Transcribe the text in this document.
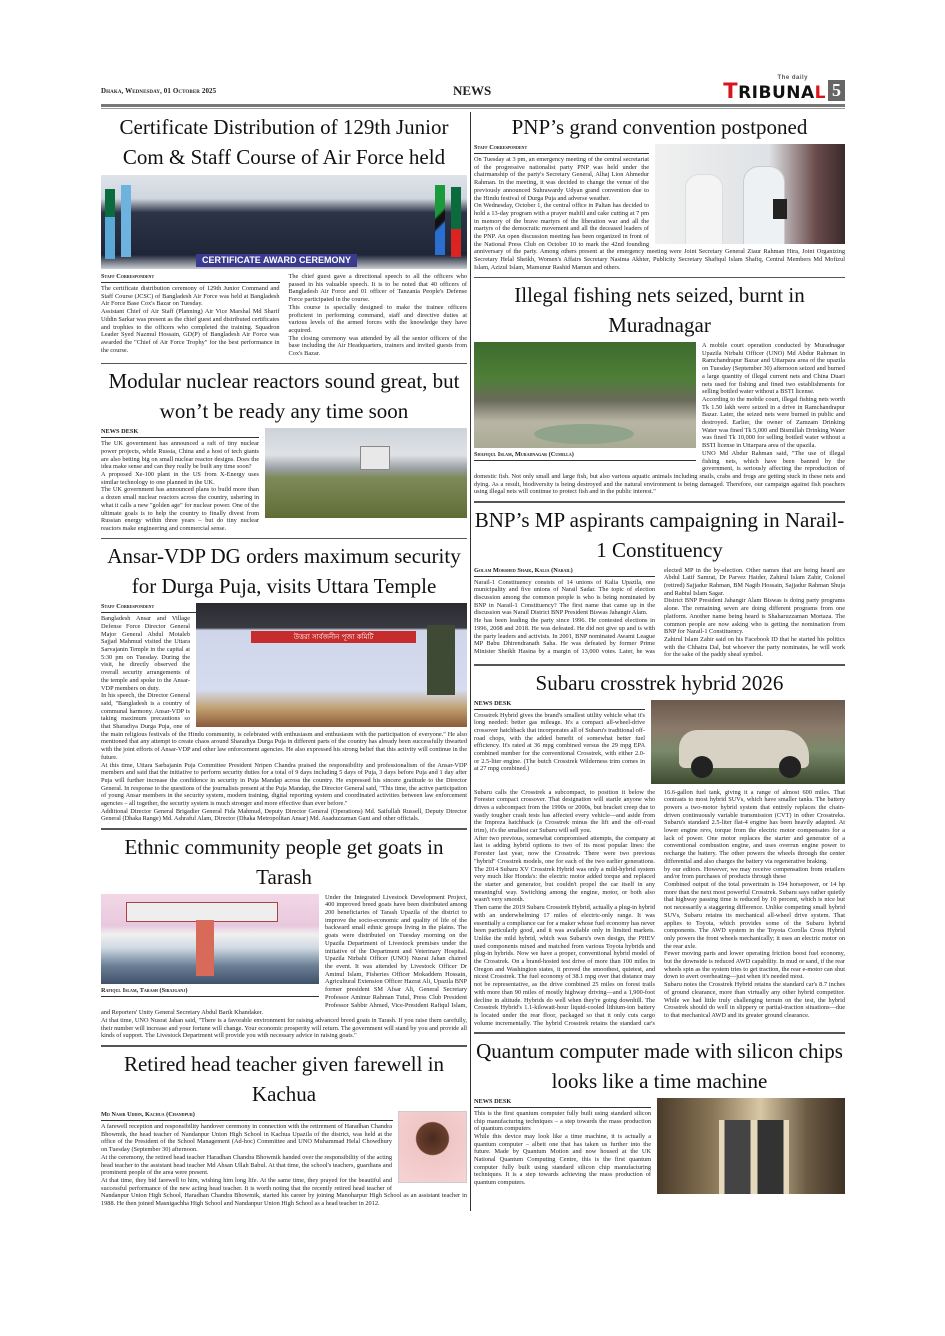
Dhaka, Wednesday, 01 October 2025	NEWS
The daily
TRIBUNAL 5
Certificate Distribution of 129th Junior Com & Staff Course of Air Force held
CERTIFICATE AWARD CEREMONY
Staff Correspondent

The certificate distribution ceremony of 129th Junior Command and Staff Course (JCSC) of Bangladesh Air Force was held at Bangladesh Air Force Base Cox's Bazar on Tuesday.

Assistant Chief of Air Staff (Planning) Air Vice Marshal Md Sharif Uddin Sarkar was present as the chief guest and distributed certificates and trophies to the officers who completed the training. Squadron Leader Syed Nazmul Hossain, GD(P) of Bangladesh Air Force was awarded the "Chief of Air Force Trophy" for the best performance in the course.

The chief guest gave a directional speech to all the officers who passed in his valuable speech. It is to be noted that 40 officers of Bangladesh Air Force and 01 officer of Tanzania People's Defense Force participated in the course.

This course is specially designed to make the trainee officers proficient in performing command, staff and directive duties at various levels of the armed forces with the knowledge they have acquired.

The closing ceremony was attended by all the senior officers of the base including the Air Headquarters, trainers and invited guests from Cox's Bazar.

Modular nuclear reactors sound great, but won’t be ready any time soon
NEWS DESK

The UK government has announced a raft of tiny nuclear power projects, while Russia, China and a host of tech giants are also betting big on small nuclear reactor designs. Does the idea make sense and can they really be built any time soon?

A proposed Xe-100 plant in the US from X-Energy uses similar technology to one planned in the UK.

The UK government has announced plans to build more than a dozen small nuclear reactors across the country, ushering in what it calls a new "golden age" for nuclear power. One of the ultimate goals is to help the country to finally divest from Russian energy within three years – but do tiny nuclear reactors make engineering and commercial sense.

Ansar-VDP DG orders maximum security for Durga Puja, visits Uttara Temple
উত্তরা সার্বজনীন পূজা কমিটি
Staff Correspondent

Bangladesh Ansar and Village Defense Force Director General Major General Abdul Motaleb Sajjad Mahmud visited the Uttara Sarvajanin Temple in the capital at 5:30 pm on Tuesday. During the visit, he directly observed the overall security arrangements of the temple and spoke to the Ansar-VDP members on duty.

In his speech, the Director General said, "Bangladesh is a country of communal harmony. Ansar-VDP is taking maximum precautions so that Sharadiya Durga Puja, one of the main religious festivals of the Hindu community, is celebrated with enthusiasm and enthusiasm with the participation of everyone." He also mentioned that any attempt to create chaos around Sharadiya Durga Puja in different parts of the country has already been successfully thwarted with the joint efforts of Ansar-VDP and other law enforcement agencies. He also expressed his strong belief that this activity will continue in the future.

At this time, Uttara Sarbajanin Puja Committee President Nripen Chandra praised the responsibility and professionalism of the Ansar-VDP members and said that the initiative to perform security duties for a total of 9 days including 5 days of Puja, 3 days before Puja and 1 day after Puja will further increase the confidence in security in Puja Mandap across the country. He expressed his sincere gratitude to the Director General. In response to the questions of the journalists present at the Puja Mandap, the Director General said, "This time, the active participation of young Ansar members in the security system, modern training, digital reporting system and coordinated activities between law enforcement agencies – all together, the security system is much stronger and more effective than ever before."

Additional Director General Brigadier General Fida Mahmud, Deputy Director General (Operations) Md. Saifullah Russell, Deputy Director General (Dhaka Range) Md. Ashraful Alam, Director (Dhaka Metropolitan Ansar) Md. Asaduzzaman Gani and other officials.

Ethnic community people get goats in Tarash
Rafiqul Islam, Tarash (Sirajganj)

Under the Integrated Livestock Development Project, 400 improved breed goats have been distributed among 200 beneficiaries of Tarash Upazila of the district to improve the socio-economic and quality of life of the backward small ethnic groups living in the plains. The goats were distributed on Tuesday morning on the Upazila Department of Livestock premises under the initiative of the Department and Veterinary Hospital. Upazila Nirbahi Officer (UNO) Nusrat Jahan chaired the event. It was attended by Livestock Officer Dr Aminul Islam, Fisheries Officer Mokaddem Hossain, Agricultural Extension Officer Hazrat Ali, Upazila BNP former president SM Afsar Ali, General Secretary Professor Aminur Rahman Tutul, Press Club President Professor Sabbir Ahmed, Vice-President Rafiqul Islam, and Reporters' Unity General Secretary Abdul Barik Khandaker.

At that time, UNO Nusrat Jahan said, "There is a favorable environment for raising advanced breed goats in Tarash. If you raise them carefully, their number will increase and your fortune will change. Your economic prosperity will return. The government will stand by you and provide all kinds of support. The Livestock Department will provide you with necessary advice in raising goats."

Retired head teacher given farewell in Kachua
Md Nasir Uddin, Kachua (Chandpur)

A farewell reception and responsibility handover ceremony in connection with the retirement of Haradhan Chandra Bhowmik, the head teacher of Nandanpur Union High School in Kachua Upazila of the district, was held at the office of the President of the School Management (Ad-hoc) Committee and UNO Muhammad Helal Chowdhury on Tuesday (September 30) afternoon.

At the ceremony, the retired head teacher Haradhan Chandra Bhowmik handed over the responsibility of the acting head teacher to the assistant head teacher Md Ahsan Ullah Babul. At that time, the school's teachers, guardians and prominent people of the area were present.

At that time, they bid farewell to him, wishing him long life. At the same time, they prayed for the beautiful and successful performance of the new acting head teacher. It is worth noting that the recently retired head teacher of Nandanpur Union High School, Haradhan Chandra Bhowmik, started his career by joining Manoharpur High School as an assistant teacher in 1988. He then joined Masnigachha High School and Nandanpur Union High School as a head teacher in 2012.

PNP’s grand convention postponed
Staff Correspondent

On Tuesday at 3 pm, an emergency meeting of the central secretariat of the progressive nationalist party PNP was held under the chairmanship of the party's Secretary General, Alhaj Lion Ahmedur Rahman. In the meeting, it was decided to change the venue of the previously announced Suhrawardy Udyan grand convention due to the Hindu festival of Durga Puja and adverse weather.

On Wednesday, October 1, the central office in Paltan has decided to hold a 13-day program with a prayer mahfil and cake cutting at 7 pm in memory of the brave martyrs of the liberation war and all the martyrs of the democratic movement and all the deceased leaders of the PNP. An open discussion meeting has been organized in front of the National Press Club on October 10 to mark the 42nd founding anniversary of the party. Among others present at the emergency meeting were Joint Secretary General Ziaur Rahman Hira, Joint Organizing Secretary Helal Sheikh, Women's Affairs Secretary Nasima Akhter, Publicity Secretary Shafiqul Islam Shafiq, Central Members Md Mofizul Islam, Azizul Islam, Mamunur Rashid Mamun and others.

Illegal fishing nets seized, burnt in Muradnagar
Shafiqul Islam, Muradnagar (Cumilla)

A mobile court operation conducted by Muradnagar Upazila Nirbahi Officer (UNO) Md Abdur Rahman in Ramchandrapur Bazar and Uttarpara area of the upazila on Tuesday (September 30) afternoon seized and burned a large quantity of illegal current nets and China Duari nets used for fishing and fined two establishments for selling bottled water without a BSTI license.

According to the mobile court, illegal fishing nets worth Tk 1.50 lakh were seized in a drive in Ramchandrapur Bazar. Later, the seized nets were burned in public and destroyed. Earlier, the owner of Zamzam Drinking Water was fined Tk 5,000 and Bismillah Drinking Water was fined Tk 10,000 for selling bottled water without a BSTI license in Uttarpara area of the upazila.

UNO Md Abdur Rahman said, "The use of illegal fishing nets, which have been banned by the government, is seriously affecting the reproduction of domestic fish. Not only small and large fish, but also various aquatic animals including snails, crabs and frogs are getting stuck in these nets and dying. As a result, biodiversity is being destroyed and the natural environment is being damaged. Therefore, our campaign against fish poachers using illegal nets will continue to protect fish and in the public interest."

BNP’s MP aspirants campaigning in Narail-1 Constituency
Golam Morshed Shaik, Kalia (Narail)

Narail-1 Constituency consists of 14 unions of Kalia Upazila, one municipality and five unions of Narail Sadar. The topic of election discussion among the common people is who is being nominated by BNP in Narail-1 Constituency? The first name that came up in the discussion was Narail District BNP President Biswas Jahangir Alam.

He has been leading the party since 1996. He contested elections in 1996, 2008 and 2018. He was defeated. He did not give up and is with the party leaders and activists. In 2001, BNP nominated Awami League MP Babu Dhirendranath Saha. He was defeated by former Prime Minister Sheikh Hasina by a margin of 13,000 votes. Later, he was elected MP in the by-election. Other names that are being heard are Abdul Latif Samrat, Dr Parvez Haider, Zahirul Islam Zahir, Colonel (retired) Sajjadur Rahman, BM Nagib Hossain, Sajjadur Rahman Shuja and Rabiul Islam Sagar.

District BNP President Jahangir Alam Biswas is doing party programs alone. The remaining seven are doing different programs from one platform. Another name being heard is Shaharuzzaman Mortaza. The common people are now asking who is getting the nomination from BNP for Narail-1 Constituency.

Zahirul Islam Zahir said on his Facebook ID that he started his politics with the Chhatra Dal, but whoever the party nominates, he will work for the sake of the paddy sheaf symbol.

Subaru crosstrek hybrid 2026
NEWS DESK

Crosstrek Hybrid gives the brand's smallest utility vehicle what it's long needed: better gas mileage. It's a compact all-wheel-drive crossover hatchback that incorporates all of Subaru's traditional off-road chops, with the added benefit of somewhat better fuel efficiency. It's rated at 36 mpg combined versus the 29 mpg EPA combined number for the conventional Crosstrek, with either 2.0- or 2.5-liter engine. (The butch Crosstrek Wilderness trim comes in at 27 mpg combined.)

Subaru calls the Crosstrek a subcompact, to position it below the Forester compact crossover. That designation will startle anyone who drives a subcompact from the 1990s or 2000s, but bracket creep due to vastly tougher crash tests has affected every vehicle—and aside from the Impreza hatchback (a Crosstrek minus the lift and the off-road trim), it's the smallest car Subaru will sell you.

After two previous, somewhat compromised attempts, the company at last is adding hybrid options to two of its most popular lines: the Forester last year, now the Crosstrek. There were two previous "hybrid" Crosstrek models, one for each of the two earlier generations. The 2014 Subaru XV Crosstrek Hybrid was only a mild-hybrid system very much like Honda's: the electric motor added torque and replaced the starter and generator, but couldn't propel the car itself in any meaningful way. Switching among the engine, motor, or both also wasn't very smooth.

Then came the 2019 Subaru Crosstrek Hybrid, actually a plug-in hybrid with an underwhelming 17 miles of electric-only range. It was essentially a compliance car for a maker whose fuel economy has never been particularly good, and it was available only in limited markets. Unlike the mild hybrid, which was Subaru's own design, the PHEV used components mixed and matched from various Toyota hybrids and plug-in hybrids. Now we have a proper, conventional hybrid model of the Crosstrek. On a brand-hosted test drive of more than 100 miles in Oregon and Washington states, it proved the smoothest, quietest, and nicest Crosstrek. The fuel economy of 38.1 mpg over that distance may not be representative, as the drive combined 25 miles on forest trails with more than 90 miles of mostly highway driving—and a 1,900-foot decline in altitude. Hybrids do well when they're going downhill. The Crosstrek Hybrid's 1.1-kilowatt-hour liquid-cooled lithium-ion battery is located under the rear floor, packaged so that it only cuts cargo volume incrementally. The hybrid Crosstrek retains the standard car's 16.6-gallon fuel tank, giving it a range of almost 600 miles. That contrasts to most hybrid SUVs, which have smaller tanks. The battery powers a two-motor hybrid system that entirely replaces the chain-driven continuously variable transmission (CVT) in other Crosstreks. Subaru's standard 2.5-liter flat-4 engine has been heavily adapted. At lower engine revs, torque from the electric motor compensates for a lack of power. One motor replaces the starter and generator of a conventional combustion engine, and uses overrun engine power to recharge the battery. The other powers the wheels through the center differential and also charges the battery via regenerative braking.

by our editors. However, we may receive compensation from retailers and/or from purchases of products through these

Combined output of the total powertrain is 194 horsepower, or 14 hp more than the next most powerful Crosstrek. Subaru says rather quietly that highway passing time is reduced by 10 percent, which is nice but not necessarily a staggering difference. Unlike competing small hybrid SUVs, Subaru retains its mechanical all-wheel drive system. That applies to Toyota, which provides some of the Subaru hybrid components. The AWD system in the Toyota Corolla Cross Hybrid only powers the front wheels mechanically; it uses an electric motor on the rear axle.

Fewer moving parts and lower operating friction boost fuel economy, but the downside is reduced AWD capability. In mud or sand, if the rear wheels spin as the system tries to get traction, the rear e-motor can shut down to avert overheating—just when it's needed most.

Subaru notes the Crosstrek Hybrid retains the standard car's 8.7 inches of ground clearance, more than virtually any other hybrid competitor. While we had little truly challenging terrain on the test, the hybrid Crosstrek should do well in slippery or partial-traction situations—due to that mechanical AWD and its greater ground clearance.

Quantum computer made with silicon chips looks like a time machine
NEWS DESK

This is the first quantum computer fully built using standard silicon chip manufacturing techniques – a step towards the mass production of quantum computers

While this device may look like a time machine, it is actually a quantum computer – albeit one that has taken us further into the future. Made by Quantum Motion and now housed at the UK National Quantum Computing Centre, this is the first quantum computer fully built using standard silicon chip manufacturing techniques. It is a step towards achieving the mass production of quantum computers.
